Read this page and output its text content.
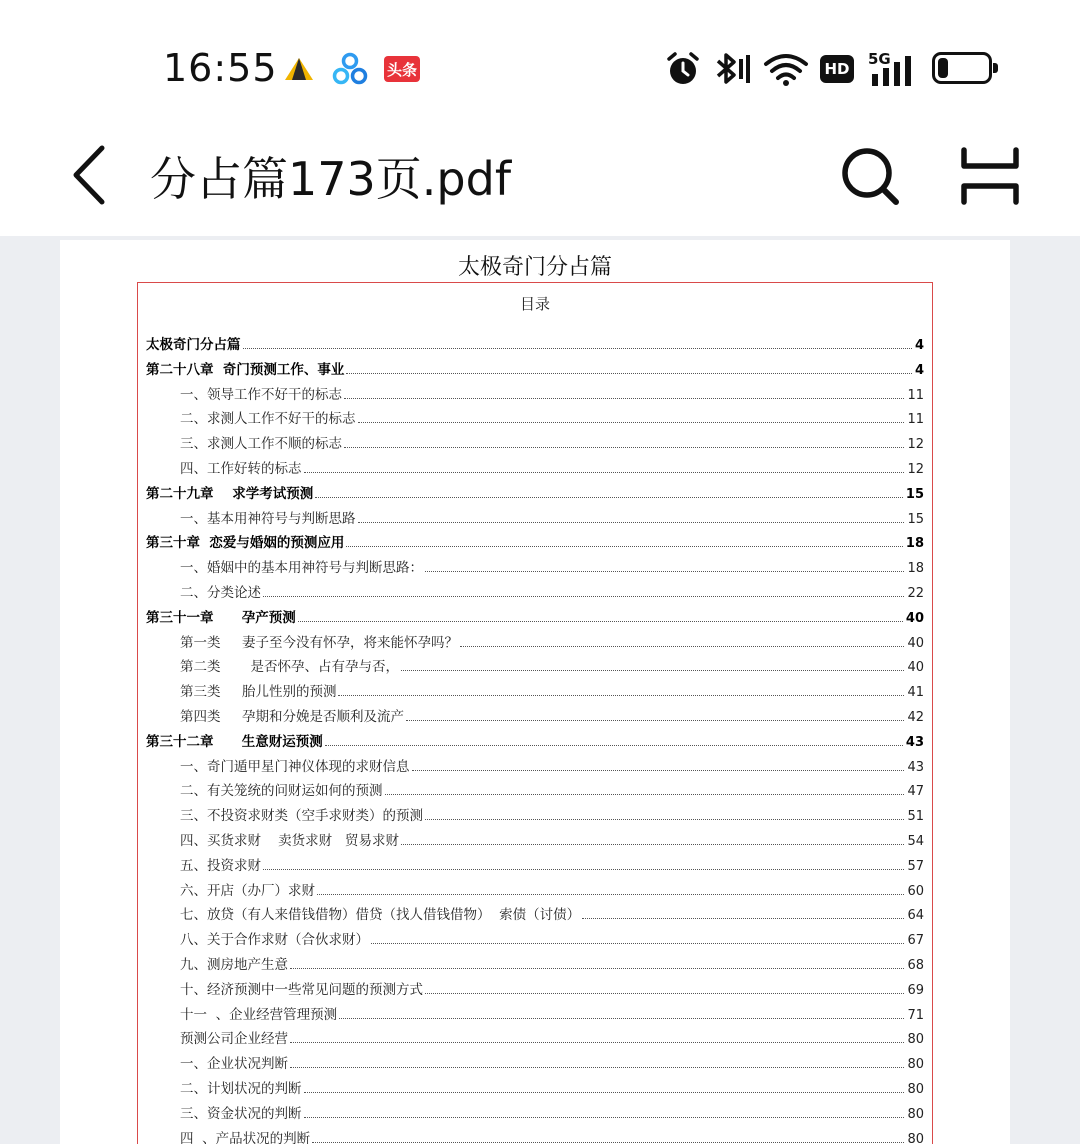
16:55	头条	HD
5G
分占篇173页.pdf
太极奇门分占篇
目录
太极奇门分占篇	4
第二十八章  奇门预测工作、事业	4
一、领导工作不好干的标志	11
二、求测人工作不好干的标志	11
三、求测人工作不顺的标志	12
四、工作好转的标志	12
第二十九章    求学考试预测	15
一、基本用神符号与判断思路	15
第三十章  恋爱与婚姻的预测应用	18
一、婚姻中的基本用神符号与判断思路：	18
二、分类论述	22
第三十一章      孕产预测	40
第一类     妻子至今没有怀孕，将来能怀孕吗？	40
第二类       是否怀孕、占有孕与否，	40
第三类     胎儿性别的预测	41
第四类     孕期和分娩是否顺利及流产	42
第三十二章      生意财运预测	43
一、奇门遁甲星门神仪体现的求财信息	43
二、有关笼统的问财运如何的预测	47
三、不投资求财类（空手求财类）的预测	51
四、买货求财    卖货求财   贸易求财	54
五、投资求财	57
六、开店（办厂）求财	60
七、放贷（有人来借钱借物）借贷（找人借钱借物）  索债（讨债）	64
八、关于合作求财（合伙求财）	67
九、测房地产生意	68
十、经济预测中一些常见问题的预测方式	69
十一  、企业经营管理预测	71
预测公司企业经营	80
一、企业状况判断	80
二、计划状况的判断	80
三、资金状况的判断	80
四  、产品状况的判断	80
